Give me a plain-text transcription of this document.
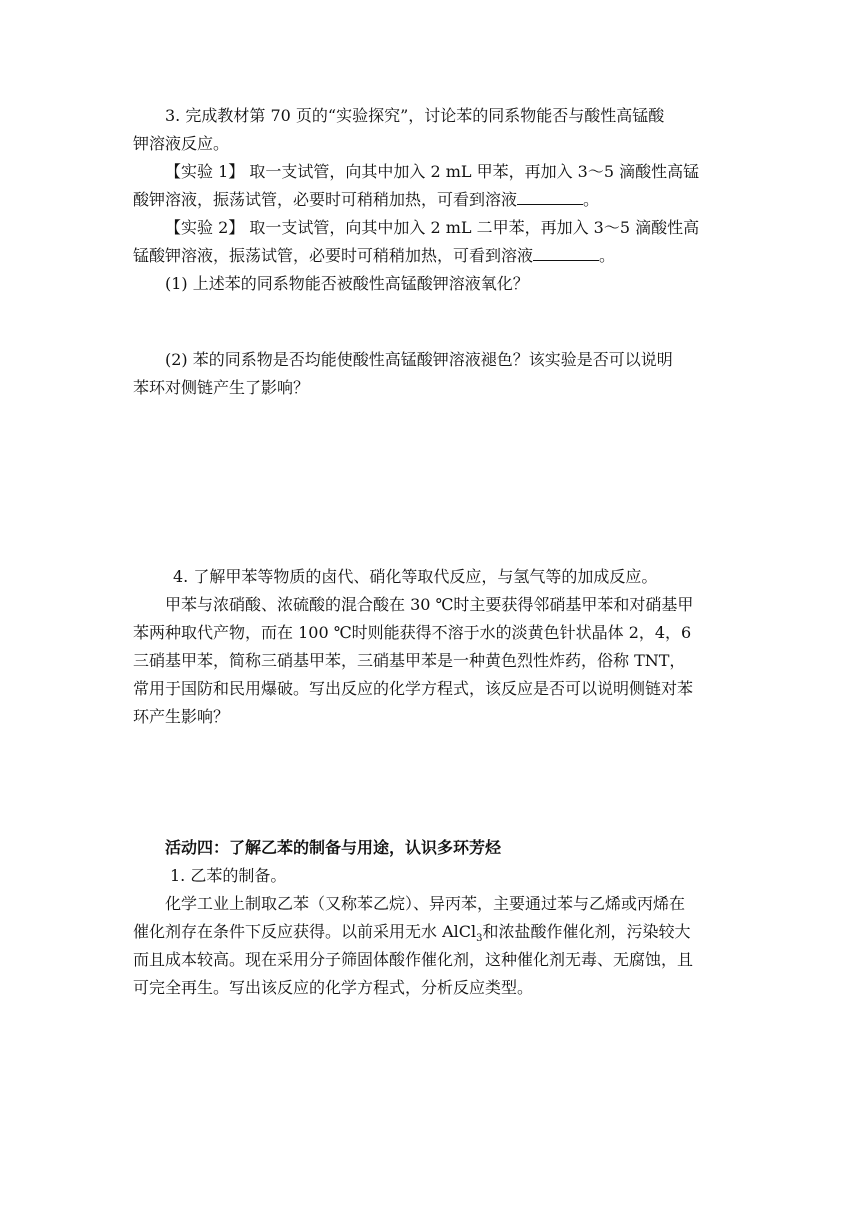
3. 完成教材第 70 页的“实验探究”，讨论苯的同系物能否与酸性高锰酸

钾溶液反应。

【实验 1】 取一支试管，向其中加入 2 mL 甲苯，再加入 3～5 滴酸性高锰

酸钾溶液，振荡试管，必要时可稍稍加热，可看到溶液	。

【实验 2】 取一支试管，向其中加入 2 mL 二甲苯，再加入 3～5 滴酸性高

锰酸钾溶液，振荡试管，必要时可稍稍加热，可看到溶液	。

(1) 上述苯的同系物能否被酸性高锰酸钾溶液氧化？

(2) 苯的同系物是否均能使酸性高锰酸钾溶液褪色？该实验是否可以说明

苯环对侧链产生了影响？

4. 了解甲苯等物质的卤代、硝化等取代反应，与氢气等的加成反应。

甲苯与浓硝酸、浓硫酸的混合酸在 30 ℃时主要获得邻硝基甲苯和对硝基甲

苯两种取代产物，而在 100 ℃时则能获得不溶于水的淡黄色针状晶体 2，4，6

三硝基甲苯，简称三硝基甲苯，三硝基甲苯是一种黄色烈性炸药，俗称 TNT，

常用于国防和民用爆破。写出反应的化学方程式，该反应是否可以说明侧链对苯

环产生影响？

活动四：了解乙苯的制备与用途，认识多环芳烃

1. 乙苯的制备。

化学工业上制取乙苯（又称苯乙烷）、异丙苯，主要通过苯与乙烯或丙烯在

催化剂存在条件下反应获得。以前采用无水 AlCl$_3$和浓盐酸作催化剂，污染较大

而且成本较高。现在采用分子筛固体酸作催化剂，这种催化剂无毒、无腐蚀，且

可完全再生。写出该反应的化学方程式，分析反应类型。
